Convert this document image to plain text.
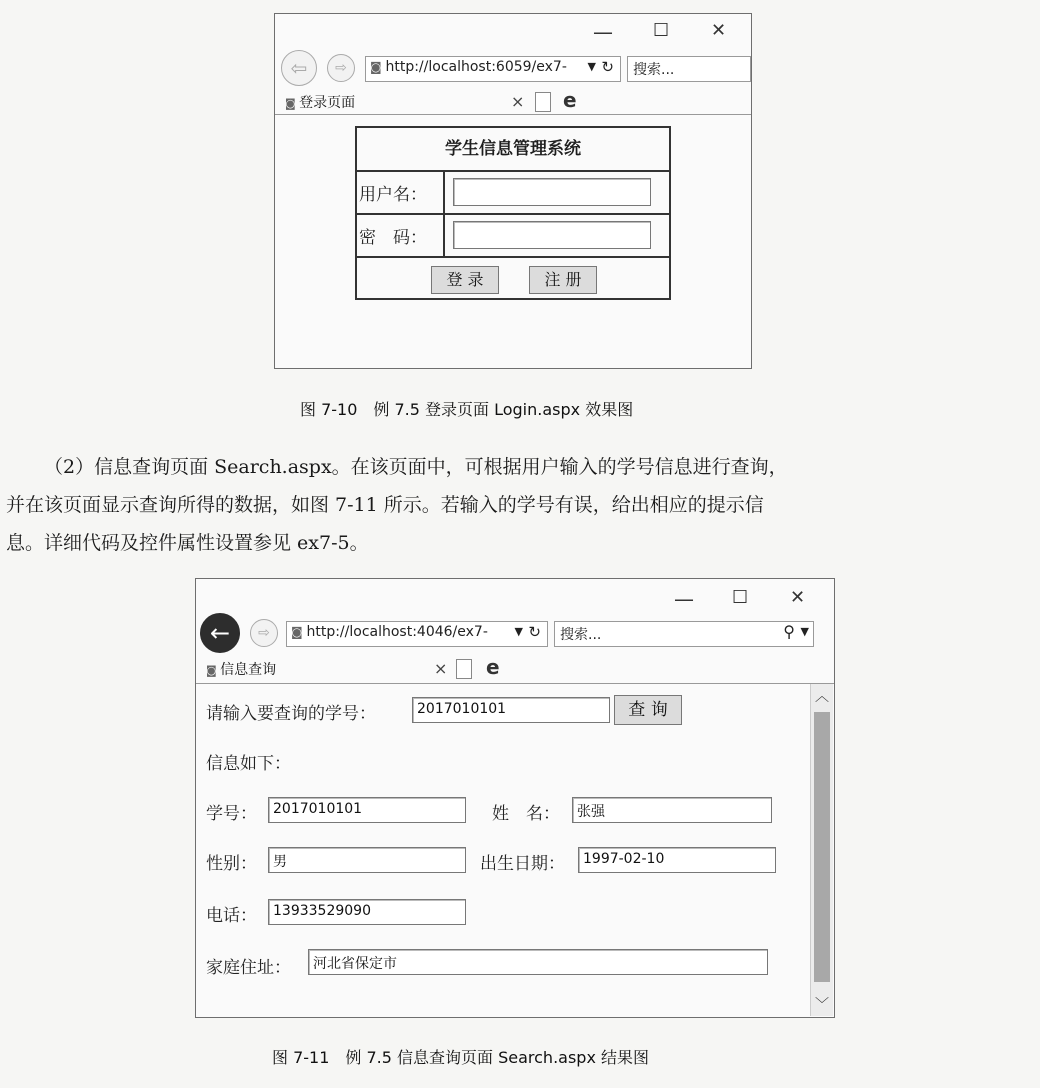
— ☐ ✕
⇦	⇨	◙ http://localhost:6059/ex7- ▼ ↻	搜索...
◙ 登录页面	× e
学生信息管理系统
用户名：
密　码：
登 录	注 册
图 7-10　例 7.5 登录页面 Login.aspx 效果图
（2）信息查询页面 Search.aspx。在该页面中，可根据用户输入的学号信息进行查询，
并在该页面显示查询所得的数据，如图 7-11 所示。若输入的学号有误，给出相应的提示信
息。详细代码及控件属性设置参见 ex7-5。
— ☐ ✕
←	⇨	◙ http://localhost:4046/ex7- ▼ ↻	搜索...	⚲ ▼
◙ 信息查询	× e
︿
﹀
请输入要查询的学号：	2017010101	查 询
信息如下：
学号：	2017010101	姓　名：	张强
性别：	男	出生日期：	1997-02-10
电话：	13933529090
家庭住址：	河北省保定市
图 7-11　例 7.5 信息查询页面 Search.aspx 结果图
